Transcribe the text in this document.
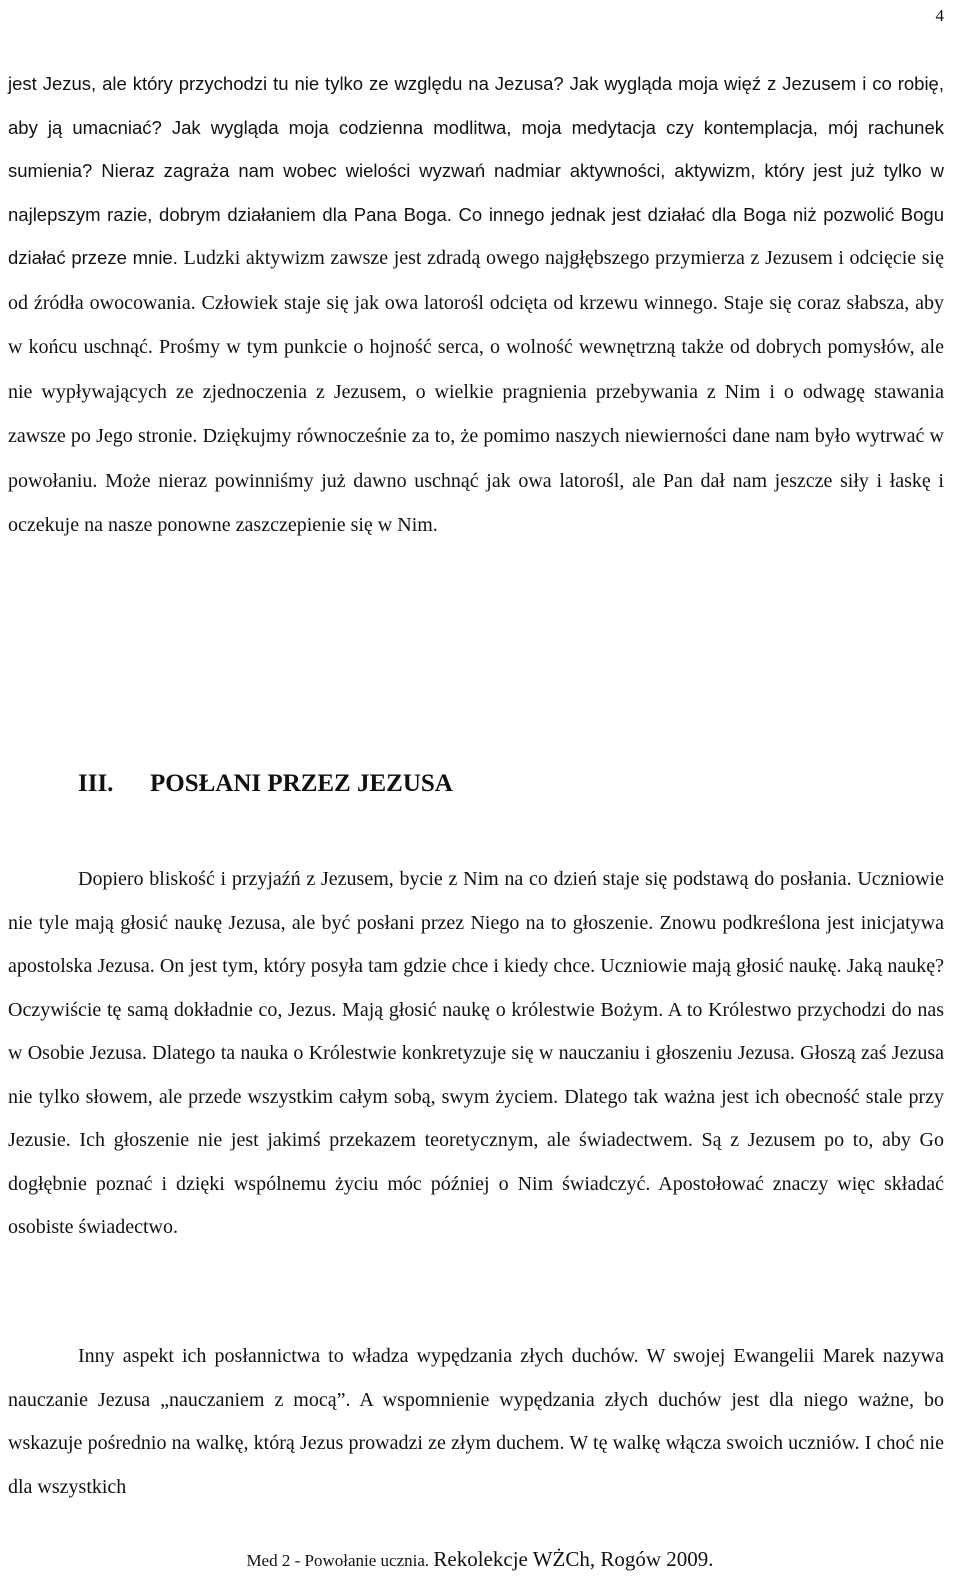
4

jest Jezus, ale który przychodzi tu nie tylko ze względu na Jezusa? Jak wygląda moja więź z Jezusem i co robię, aby ją umacniać? Jak wygląda moja codzienna modlitwa, moja medytacja czy kontemplacja, mój rachunek sumienia? Nieraz zagraża nam wobec wielości wyzwań nadmiar aktywności, aktywizm, który jest już tylko w najlepszym razie, dobrym działaniem dla Pana Boga. Co innego jednak jest działać dla Boga niż pozwolić Bogu działać przeze mnie. Ludzki aktywizm zawsze jest zdradą owego najgłębszego przymierza z Jezusem i odcięcie się od źródła owocowania. Człowiek staje się jak owa latorośl odcięta od krzewu winnego. Staje się coraz słabsza, aby w końcu uschnąć. Prośmy w tym punkcie o hojność serca, o wolność wewnętrzną także od dobrych pomysłów, ale nie wypływających ze zjednoczenia z Jezusem, o wielkie pragnienia przebywania z Nim i o odwagę stawania zawsze po Jego stronie. Dziękujmy równocześnie za to, że pomimo naszych niewierności dane nam było wytrwać w powołaniu. Może nieraz powinniśmy już dawno uschnąć jak owa latorośl, ale Pan dał nam jeszcze siły i łaskę i oczekuje na nasze ponowne zaszczepienie się w Nim.

III. POSŁANI PRZEZ JEZUSA

Dopiero bliskość i przyjaźń z Jezusem, bycie z Nim na co dzień staje się podstawą do posłania. Uczniowie nie tyle mają głosić naukę Jezusa, ale być posłani przez Niego na to głoszenie. Znowu podkreślona jest inicjatywa apostolska Jezusa. On jest tym, który posyła tam gdzie chce i kiedy chce. Uczniowie mają głosić naukę. Jaką naukę? Oczywiście tę samą dokładnie co, Jezus. Mają głosić naukę o królestwie Bożym. A to Królestwo przychodzi do nas w Osobie Jezusa. Dlatego ta nauka o Królestwie konkretyzuje się w nauczaniu i głoszeniu Jezusa. Głoszą zaś Jezusa nie tylko słowem, ale przede wszystkim całym sobą, swym życiem. Dlatego tak ważna jest ich obecność stale przy Jezusie. Ich głoszenie nie jest jakimś przekazem teoretycznym, ale świadectwem. Są z Jezusem po to, aby Go dogłębnie poznać i dzięki wspólnemu życiu móc później o Nim świadczyć. Apostołować znaczy więc składać osobiste świadectwo.

Inny aspekt ich posłannictwa to władza wypędzania złych duchów. W swojej Ewangelii Marek nazywa nauczanie Jezusa „nauczaniem z mocą”. A wspomnienie wypędzania złych duchów jest dla niego ważne, bo wskazuje pośrednio na walkę, którą Jezus prowadzi ze złym duchem. W tę walkę włącza swoich uczniów. I choć nie dla wszystkich

Med 2 - Powołanie ucznia. Rekolekcje WŻCh, Rogów 2009.
